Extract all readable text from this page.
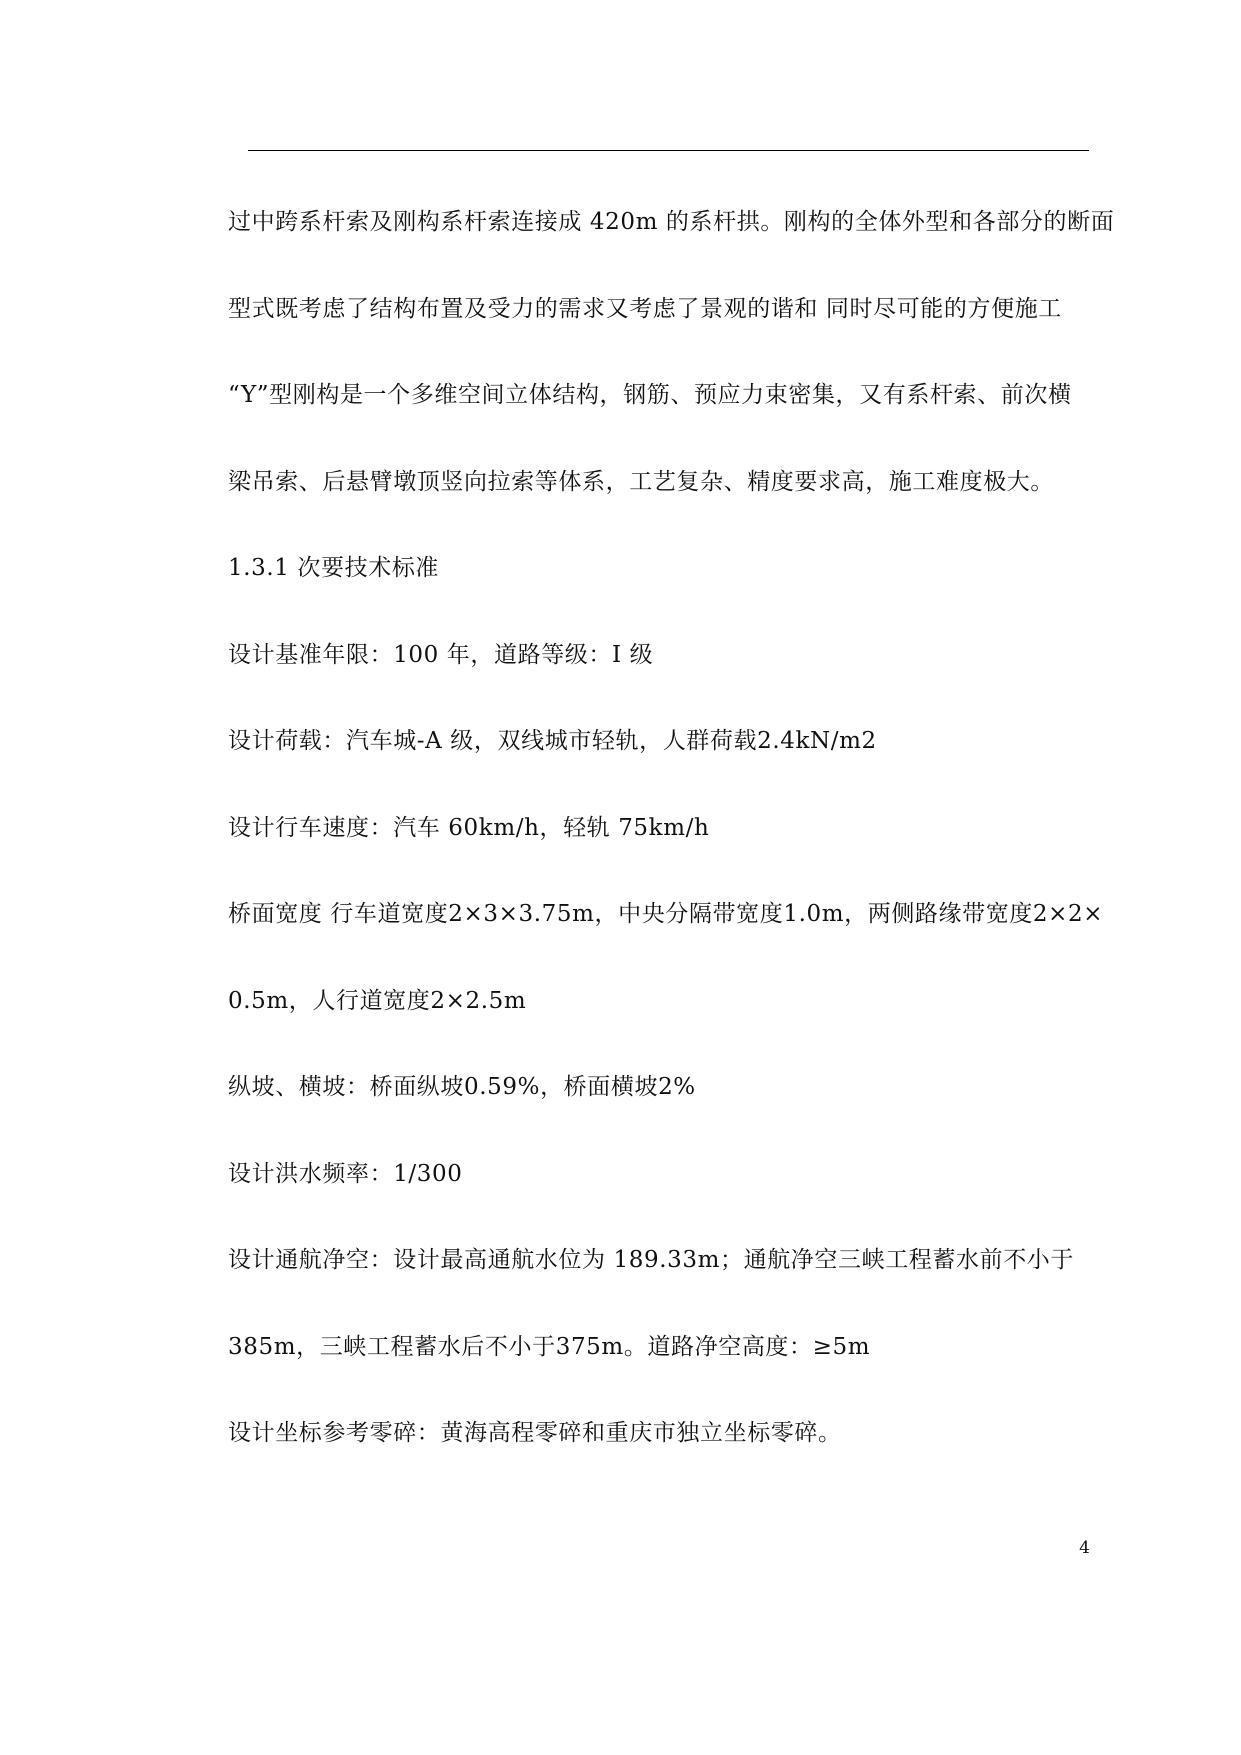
过中跨系杆索及刚构系杆索连接成 420m 的系杆拱。刚构的全体外型和各部分的断面
型式既考虑了结构布置及受力的需求又考虑了景观的谐和 同时尽可能的方便施工
“Y”型刚构是一个多维空间立体结构，钢筋、预应力束密集，又有系杆索、前次横
梁吊索、后悬臂墩顶竖向拉索等体系，工艺复杂、精度要求高，施工难度极大。
1.3.1 次要技术标准
设计基准年限：100 年，道路等级：I 级
设计荷载：汽车城-A 级，双线城市轻轨，人群荷载2.4kN/m2
设计行车速度：汽车 60km/h，轻轨 75km/h
桥面宽度 行车道宽度2×3×3.75m，中央分隔带宽度1.0m，两侧路缘带宽度2×2×
0.5m，人行道宽度2×2.5m
纵坡、横坡：桥面纵坡0.59%，桥面横坡2%
设计洪水频率：1/300
设计通航净空：设计最高通航水位为 189.33m；通航净空三峡工程蓄水前不小于
385m，三峡工程蓄水后不小于375m。道路净空高度：≥5m
设计坐标参考零碎：黄海高程零碎和重庆市独立坐标零碎。
4
